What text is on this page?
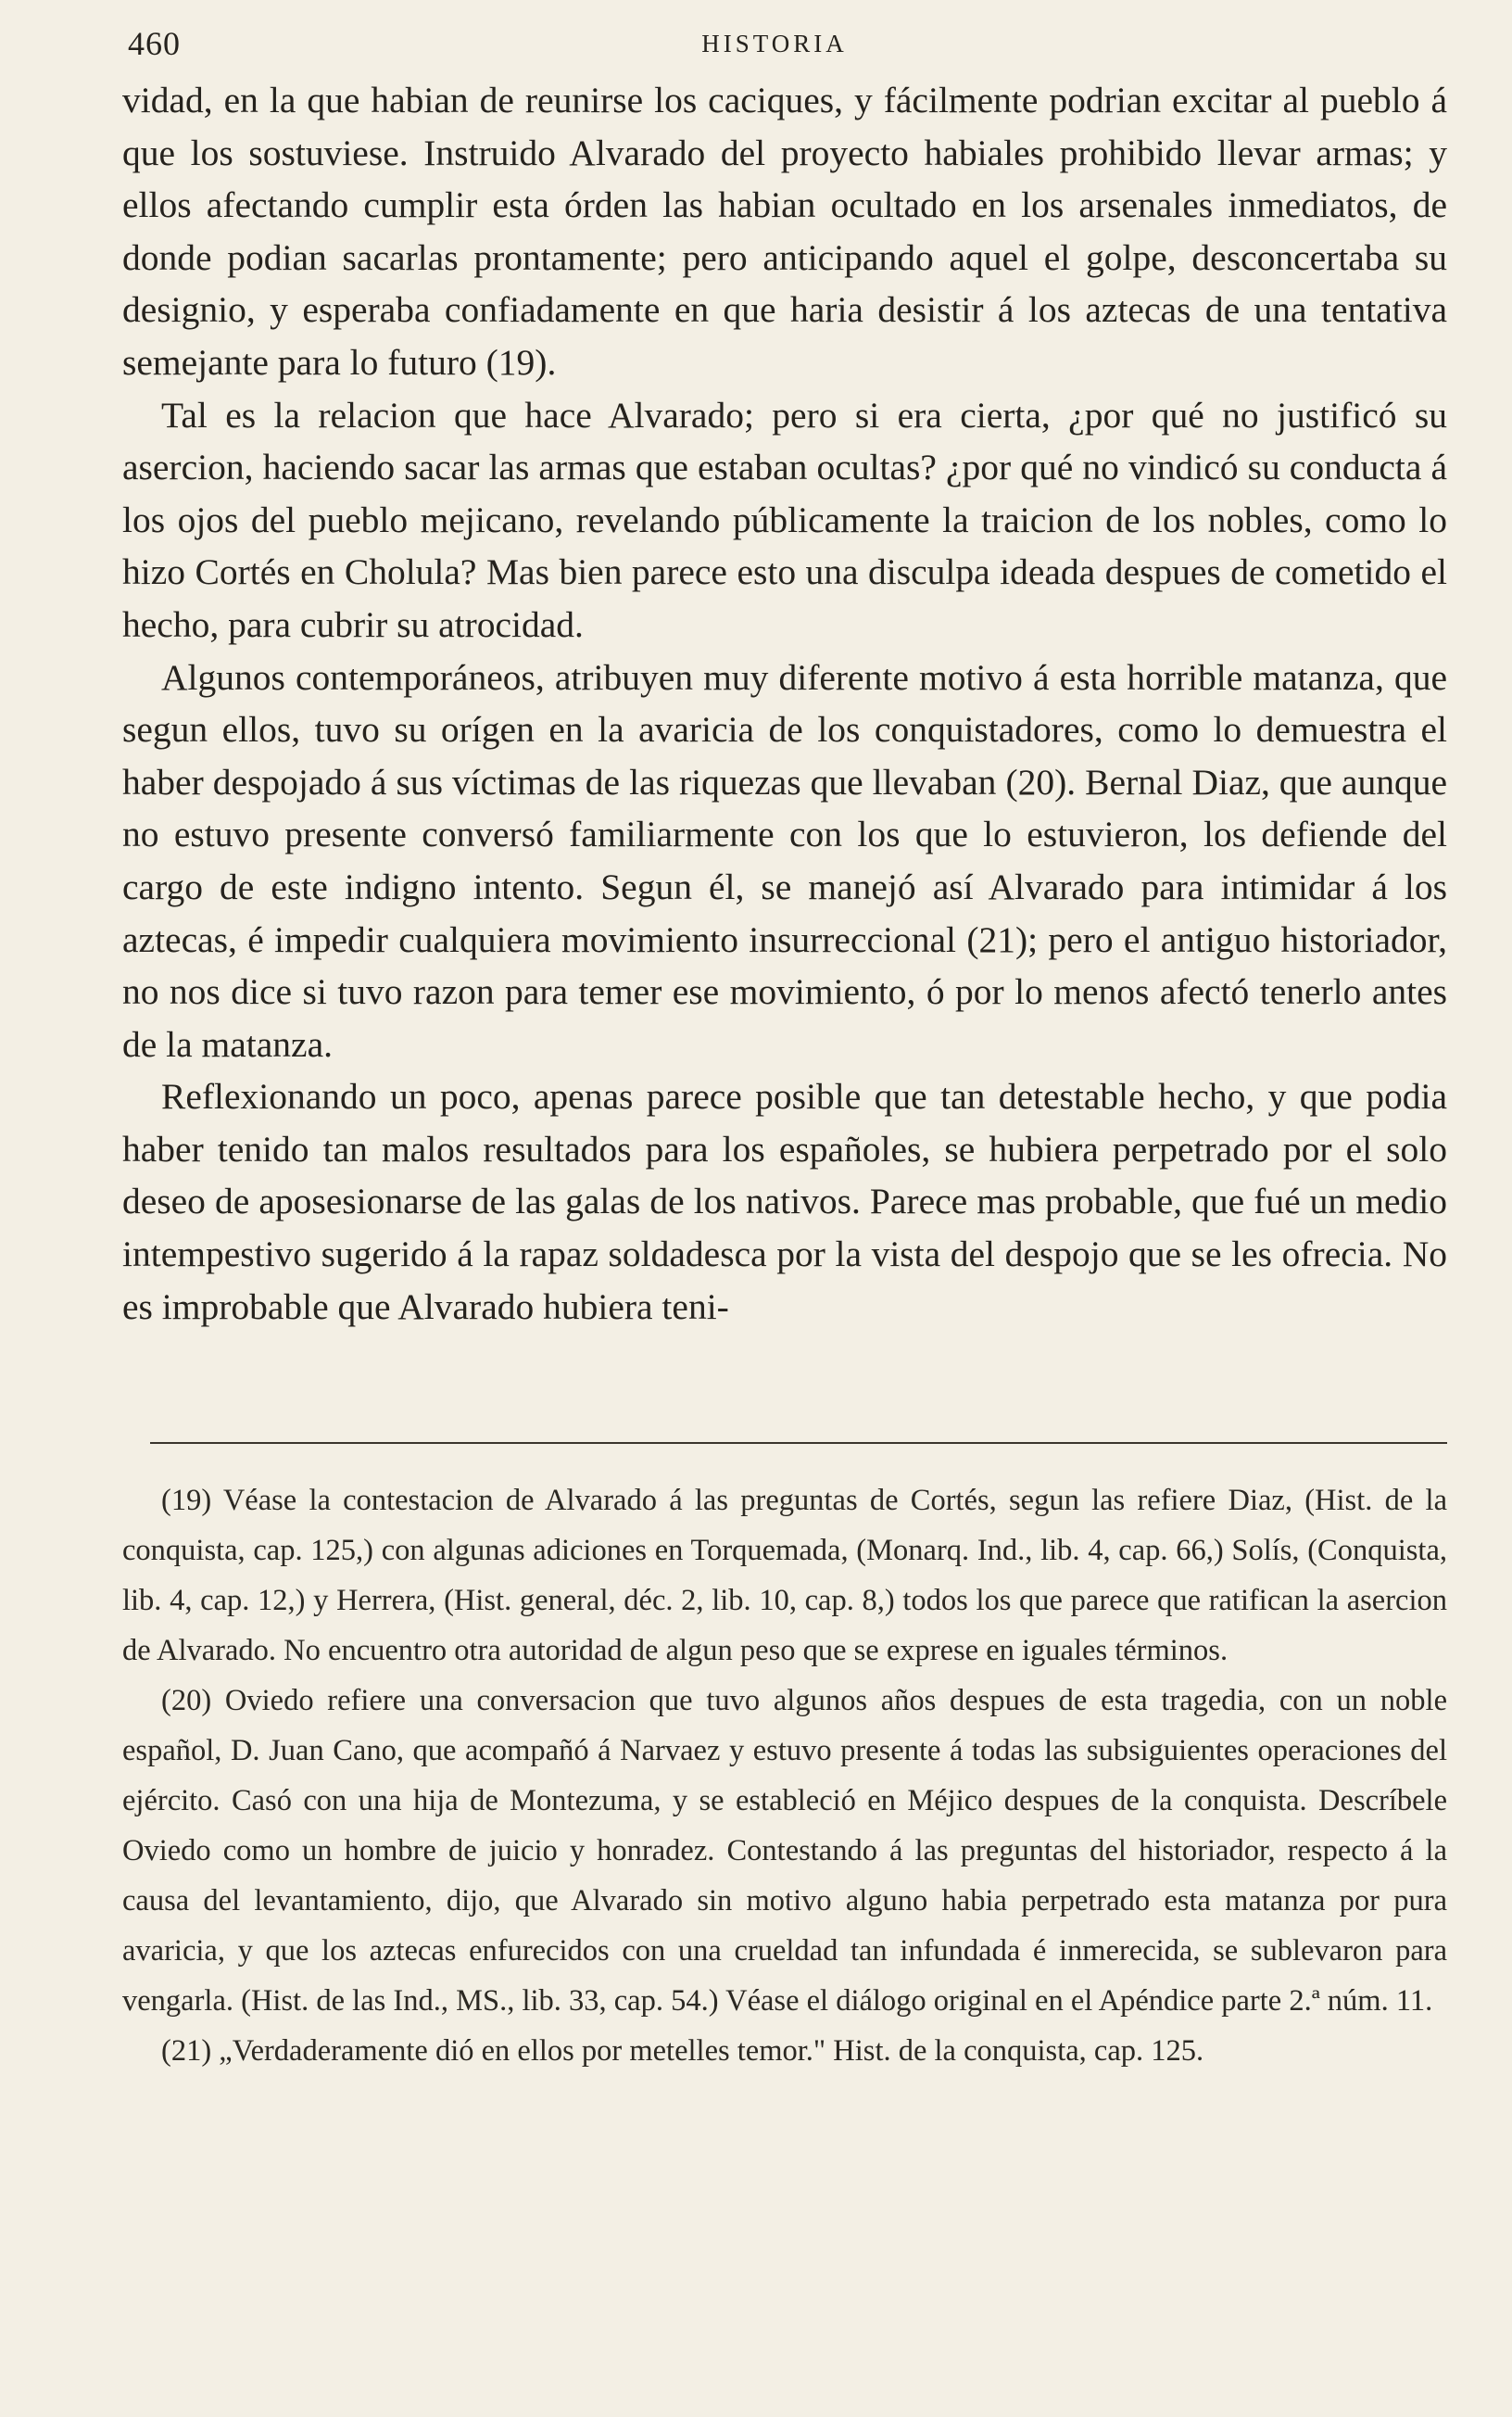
460	HISTORIA

vidad, en la que habian de reunirse los caciques, y fácilmente podrian excitar al pueblo á que los sostuviese. Instruido Alvarado del proyecto habiales prohibido llevar armas; y ellos afectando cumplir esta órden las habian ocultado en los arsenales inmediatos, de donde podian sacarlas prontamente; pero anticipando aquel el golpe, desconcertaba su designio, y esperaba confiadamente en que haria desistir á los aztecas de una tentativa semejante para lo futuro (19).

Tal es la relacion que hace Alvarado; pero si era cierta, ¿por qué no justificó su asercion, haciendo sacar las armas que estaban ocultas? ¿por qué no vindicó su conducta á los ojos del pueblo mejicano, revelando públicamente la traicion de los nobles, como lo hizo Cortés en Cholula? Mas bien parece esto una disculpa ideada despues de cometido el hecho, para cubrir su atrocidad.

Algunos contemporáneos, atribuyen muy diferente motivo á esta horrible matanza, que segun ellos, tuvo su orígen en la avaricia de los conquistadores, como lo demuestra el haber despojado á sus víctimas de las riquezas que llevaban (20). Bernal Diaz, que aunque no estuvo presente conversó familiarmente con los que lo estuvieron, los defiende del cargo de este indigno intento. Segun él, se manejó así Alvarado para intimidar á los aztecas, é impedir cualquiera movimiento insurreccional (21); pero el antiguo historiador, no nos dice si tuvo razon para temer ese movimiento, ó por lo menos afectó tenerlo antes de la matanza.

Reflexionando un poco, apenas parece posible que tan detestable hecho, y que podia haber tenido tan malos resultados para los españoles, se hubiera perpetrado por el solo deseo de aposesionarse de las galas de los nativos. Parece mas probable, que fué un medio intempestivo sugerido á la rapaz soldadesca por la vista del despojo que se les ofrecia. No es improbable que Alvarado hubiera teni-

(19) Véase la contestacion de Alvarado á las preguntas de Cortés, segun las refiere Diaz, (Hist. de la conquista, cap. 125,) con algunas adiciones en Torquemada, (Monarq. Ind., lib. 4, cap. 66,) Solís, (Conquista, lib. 4, cap. 12,) y Herrera, (Hist. general, déc. 2, lib. 10, cap. 8,) todos los que parece que ratifican la asercion de Alvarado. No encuentro otra autoridad de algun peso que se exprese en iguales términos.

(20) Oviedo refiere una conversacion que tuvo algunos años despues de esta tragedia, con un noble español, D. Juan Cano, que acompañó á Narvaez y estuvo presente á todas las subsiguientes operaciones del ejército. Casó con una hija de Montezuma, y se estableció en Méjico despues de la conquista. Descríbele Oviedo como un hombre de juicio y honradez. Contestando á las preguntas del historiador, respecto á la causa del levantamiento, dijo, que Alvarado sin motivo alguno habia perpetrado esta matanza por pura avaricia, y que los aztecas enfurecidos con una crueldad tan infundada é inmerecida, se sublevaron para vengarla. (Hist. de las Ind., MS., lib. 33, cap. 54.) Véase el diálogo original en el Apéndice parte 2.ª núm. 11.

(21) „Verdaderamente dió en ellos por metelles temor." Hist. de la conquista, cap. 125.
